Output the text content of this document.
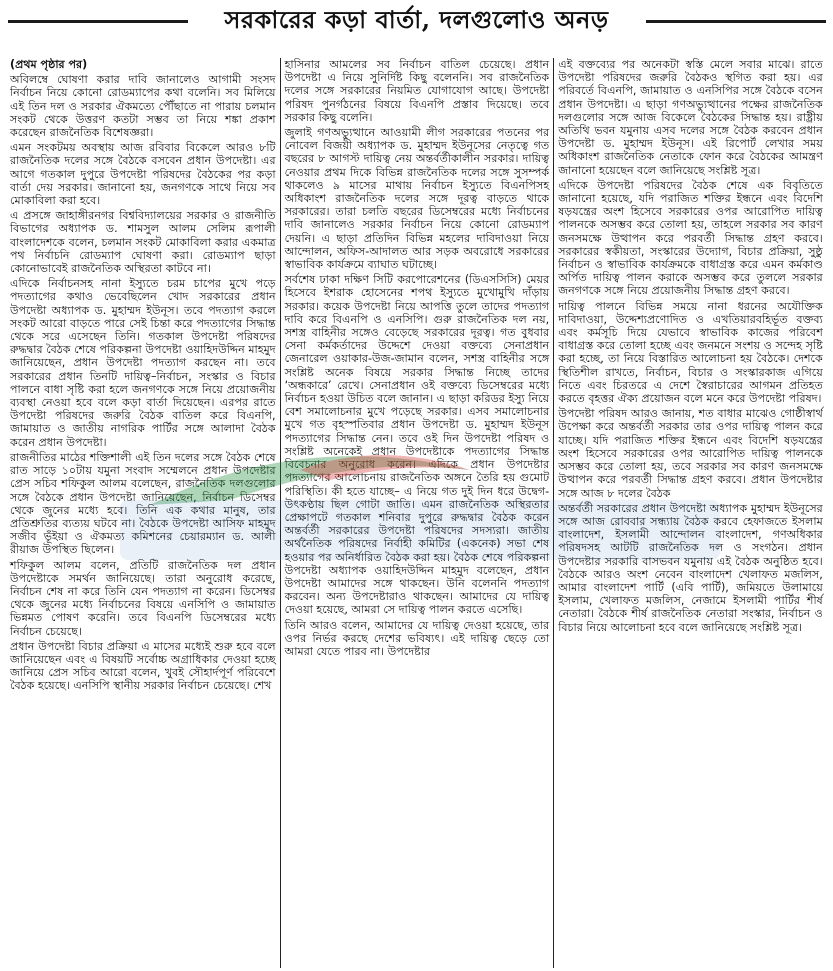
সরকারের কড়া বার্তা, দলগুলোও অনড়

(প্রথম পৃষ্ঠার পর)

অবিলম্বে ঘোষণা করার দাবি জানালেও আগামী সংসদ নির্বাচন নিয়ে কোনো রোডম্যাপের কথা বলেনি। সব মিলিয়ে এই তিন দল ও সরকার ঐকমত্যে পৌঁছাতে না পারায় চলমান সংকট থেকে উত্তরণ কতটা সম্ভব তা নিয়ে শঙ্কা প্রকাশ করেছেন রাজনৈতিক বিশেষজ্ঞরা।

এমন সংকটময় অবস্থায় আজ রবিবার বিকেলে আরও ৮টি রাজনৈতিক দলের সঙ্গে বৈঠকে বসবেন প্রধান উপদেষ্টা। এর আগে গতকাল দুপুরে উপদেষ্টা পরিষদের বৈঠকের পর কড়া বার্তা দেয় সরকার। জানানো হয়, জনগণকে সাথে নিয়ে সব মোকাবিলা করা হবে।

এ প্রসঙ্গে জাহাঙ্গীরনগর বিশ্ববিদ্যালয়ের সরকার ও রাজনীতি বিভাগের অধ্যাপক ড. শামসুল আলম সেলিম রূপালী বাংলাদেশকে বলেন, চলমান সংকট মোকাবিলা করার একমাত্র পথ নির্বাচনি রোডম্যাপ ঘোষণা করা। রোডম্যাপ ছাড়া কোনোভাবেই রাজনৈতিক অস্থিরতা কাটবে না।

এদিকে নির্বাচনসহ নানা ইস্যুতে চরম চাপের মুখে পড়ে পদত্যাগের কথাও ভেবেছিলেন খোদ সরকারের প্রধান উপদেষ্টা অধ্যাপক ড. মুহাম্মদ ইউনূস। তবে পদত্যাগ করলে সংকট আরো বাড়তে পারে সেই চিন্তা করে পদত্যাগের সিদ্ধান্ত থেকে সরে এসেছেন তিনি। গতকাল উপদেষ্টা পরিষদের রুদ্ধদ্বার বৈঠক শেষে পরিকল্পনা উপদেষ্টা ওয়াহিদউদ্দিন মাহমুদ জানিয়েছেন, প্রধান উপদেষ্টা পদত্যাগ করছেন না। তবে সরকারের প্রধান তিনটি দায়িত্ব–নির্বাচন, সংস্কার ও বিচার পালনে বাধা সৃষ্টি করা হলে জনগণকে সঙ্গে নিয়ে প্রয়োজনীয় ব্যবস্থা নেওয়া হবে বলে কড়া বার্তা দিয়েছেন। এরপর রাতে উপদেষ্টা পরিষদের জরুরি বৈঠক বাতিল করে বিএনপি, জামায়াত ও জাতীয় নাগরিক পার্টির সঙ্গে আলাদা বৈঠক করেন প্রধান উপদেষ্টা।

রাজনীতির মাঠের শক্তিশালী এই তিন দলের সঙ্গে বৈঠক শেষে রাত সাড়ে ১০টায় যমুনা সংবাদ সম্মেলনে প্রধান উপদেষ্টার প্রেস সচিব শফিকুল আলম বলেছেন, রাজনৈতিক দলগুলোর সঙ্গে বৈঠকে প্রধান উপদেষ্টা জানিয়েছেন, নির্বাচন ডিসেম্বর থেকে জুনের মধ্যে হবে। তিনি এক কথার মানুষ, তার প্রতিশ্রুতির ব্যত্যয় ঘটবে না। বৈঠকে উপদেষ্টা আসিফ মাহমুদ সজীব ভূঁইয়া ও ঐকমত্য কমিশনের চেয়ারম্যান ড. আলী রীয়াজ উপস্থিত ছিলেন।

শফিকুল আলম বলেন, প্রতিটি রাজনৈতিক দল প্রধান উপদেষ্টাকে সমর্থন জানিয়েছে। তারা অনুরোধ করেছে, নির্বাচন শেষ না করে তিনি যেন পদত্যাগ না করেন। ডিসেম্বর থেকে জুনের মধ্যে নির্বাচনের বিষয়ে এনসিপি ও জামায়াত ভিন্নমত পোষণ করেনি। তবে বিএনপি ডিসেম্বরের মধ্যে নির্বাচন চেয়েছে।

প্রধান উপদেষ্টা বিচার প্রক্রিয়া এ মাসের মধ্যেই শুরু হবে বলে জানিয়েছেন এবং এ বিষয়টি সর্বোচ্চ অগ্রাধিকার দেওয়া হচ্ছে জানিয়ে প্রেস সচিব আরো বলেন, খুবই সৌহার্দপূর্ণ পরিবেশে বৈঠক হয়েছে। এনসিপি স্থানীয় সরকার নির্বাচন চেয়েছে। শেখ

হাসিনার আমলের সব নির্বাচন বাতিল চেয়েছে। প্রধান উপদেষ্টা এ নিয়ে সুনির্দিষ্ট কিছু বলেননি। সব রাজনৈতিক দলের সঙ্গে সরকারের নিয়মিত যোগাযোগ আছে। উপদেষ্টা পরিষদ পুনর্গঠনের বিষয়ে বিএনপি প্রস্তাব দিয়েছে। তবে সরকার কিছু বলেনি।

জুলাই গণঅভ্যুত্থানে আওয়ামী লীগ সরকারের পতনের পর নোবেল বিজয়ী অধ্যাপক ড. মুহাম্মদ ইউনূসের নেতৃত্বে গত বছরের ৮ আগস্ট দায়িত্ব নেয় অন্তর্বর্তীকালীন সরকার। দায়িত্ব নেওয়ার প্রথম দিকে বিভিন্ন রাজনৈতিক দলের সঙ্গে সুসম্পর্ক থাকলেও ৯ মাসের মাথায় নির্বাচন ইস্যুতে বিএনপিসহ অধিকাংশ রাজনৈতিক দলের সঙ্গে দূরত্ব বাড়তে থাকে সরকারের। তারা চলতি বছরের ডিসেম্বরের মধ্যে নির্বাচনের দাবি জানালেও সরকার নির্বাচন নিয়ে কোনো রোডম্যাপ দেয়নি। এ ছাড়া প্রতিদিন বিভিন্ন মহলের দাবিদাওয়া নিয়ে আন্দোলন, অফিস-আদালত আর সড়ক অবরোধে সরকারের স্বাভাবিক কার্যক্রমে ব্যাঘাত ঘটাচ্ছে।

সর্বশেষ ঢাকা দক্ষিণ সিটি করপোরেশনের (ডিএসসিসি) মেয়র হিসেবে ইশরাক হোসেনের শপথ ইস্যুতে মুখোমুখি দাঁড়ায় সরকার। কয়েক উপদেষ্টা নিয়ে আপত্তি তুলে তাদের পদত্যাগ দাবি করে বিএনপি ও এনসিপি। গুরু রাজনৈতিক দল নয়, সশস্ত্র বাহিনীর সঙ্গেও বেড়েছে সরকারের দূরত্ব। গত বুধবার সেনা কর্মকর্তাদের উদ্দেশে দেওয়া বক্তব্যে সেনাপ্রধান জেনারেল ওয়াকার-উজ-জামান বলেন, সশস্ত্র বাহিনীর সঙ্গে সংশ্লিষ্ট অনেক বিষয়ে সরকার সিদ্ধান্ত নিচ্ছে তাদের ‘অন্ধকারে’ রেখে। সেনাপ্রধান ওই বক্তব্যে ডিসেম্বরের মধ্যে নির্বাচন হওয়া উচিত বলে জানান। এ ছাড়া করিডর ইস্যু নিয়ে বেশ সমালোচনার মুখে পড়েছে সরকার। এসব সমালোচনার মুখে গত বৃহস্পতিবার প্রধান উপদেষ্টা ড. মুহাম্মদ ইউনূস পদত্যাগের সিদ্ধান্ত নেন। তবে ওই দিন উপদেষ্টা পরিষদ ও সংশ্লিষ্ট অনেকেই প্রধান উপদেষ্টাকে পদত্যাগের সিদ্ধান্ত বিবেচনার অনুরোধ করেন। এদিকে প্রধান উপদেষ্টার পদত্যাগের আলোচনায় রাজনৈতিক অঙ্গনে তৈরি হয় গুমোট পরিস্থিতি। কী হতে যাচ্ছে– এ নিয়ে গত দুই দিন ধরে উদ্বেগ-উৎকণ্ঠায় ছিল গোটা জাতি। এমন রাজনৈতিক অস্থিরতার প্রেক্ষাপটে গতকাল শনিবার দুপুরে রুদ্ধদ্বার বৈঠক করেন অন্তর্বর্তী সরকারের উপদেষ্টা পরিষদের সদস্যরা। জাতীয় অর্থনৈতিক পরিষদের নির্বাহী কমিটির (একনেক) সভা শেষ হওয়ার পর অনির্ধারিত বৈঠক করা হয়। বৈঠক শেষে পরিকল্পনা উপদেষ্টা অধ্যাপক ওয়াহিদউদ্দিন মাহমুদ বলেছেন, প্রধান উপদেষ্টা আমাদের সঙ্গে থাকছেন। উনি বলেননি পদত্যাগ করবেন। অন্য উপদেষ্টারাও থাকছেন। আমাদের যে দায়িত্ব দেওয়া হয়েছে, আমরা সে দায়িত্ব পালন করতে এসেছি।

তিনি আরও বলেন, আমাদের যে দায়িত্ব দেওয়া হয়েছে, তার ওপর নির্ভর করছে দেশের ভবিষ্যৎ। এই দায়িত্ব ছেড়ে তো আমরা যেতে পারব না। উপদেষ্টার

এই বক্তব্যের পর অনেকটা স্বস্তি মেলে সবার মাঝে। রাতে উপদেষ্টা পরিষদের জরুরি বৈঠকও স্থগিত করা হয়। এর পরিবর্তে বিএনপি, জামায়াত ও এনসিপির সঙ্গে বৈঠকে বসেন প্রধান উপদেষ্টা। এ ছাড়া গণঅভ্যুত্থানের পক্ষের রাজনৈতিক দলগুলোর সঙ্গে আজ বিকেলে বৈঠকের সিদ্ধান্ত হয়। রাষ্ট্রীয় অতিথি ভবন যমুনায় এসব দলের সঙ্গে বৈঠক করবেন প্রধান উপদেষ্টা ড. মুহাম্মদ ইউনূস। এই রিপোর্ট লেখার সময় অধিকাংশ রাজনৈতিক নেতাকে ফোন করে বৈঠকের আমন্ত্রণ জানানো হয়েছেন বলে জানিয়েছে সংশ্লিষ্ট সূত্র।

এদিকে উপদেষ্টা পরিষদের বৈঠক শেষে এক বিবৃতিতে জানানো হয়েছে, যদি পরাজিত শক্তির ইন্ধনে এবং বিদেশি ষড়যন্ত্রের অংশ হিসেবে সরকারের ওপর আরোপিত দায়িত্ব পালনকে অসম্ভব করে তোলা হয়, তাহলে সরকার সব কারণ জনসমক্ষে উত্থাপন করে পরবর্তী সিদ্ধান্ত গ্রহণ করবে। সরকারের স্বকীয়তা, সংস্কারের উদ্যোগ, বিচার প্রক্রিয়া, সুষ্ঠু নির্বাচন ও স্বাভাবিক কার্যক্রমকে বাধাগ্রস্ত করে এমন কর্মকাণ্ড অর্পিত দায়িত্ব পালন করাকে অসম্ভব করে তুললে সরকার জনগণকে সঙ্গে নিয়ে প্রয়োজনীয় সিদ্ধান্ত গ্রহণ করবে।

দায়িত্ব পালনে বিভিন্ন সময়ে নানা ধরনের অযৌক্তিক দাবিদাওয়া, উদ্দেশ্যপ্রণোদিত ও এখতিয়ারবহির্ভূত বক্তব্য এবং কর্মসূচি দিয়ে যেভাবে স্বাভাবিক কাজের পরিবেশ বাধাগ্রস্ত করে তোলা হচ্ছে এবং জনমনে সংশয় ও সন্দেহ সৃষ্টি করা হচ্ছে, তা নিয়ে বিস্তারিত আলোচনা হয় বৈঠকে। দেশকে স্থিতিশীল রাখতে, নির্বাচন, বিচার ও সংস্কারকাজ এগিয়ে নিতে এবং চিরতরে এ দেশে স্বৈরাচারের আগমন প্রতিহত করতে বৃহত্তর ঐক্য প্রয়োজন বলে মনে করে উপদেষ্টা পরিষদ।

উপদেষ্টা পরিষদ আরও জানায়, শত বাধার মাঝেও গোষ্ঠীস্বার্থ উপেক্ষা করে অন্তর্বর্তী সরকার তার ওপর দায়িত্ব পালন করে যাচ্ছে। যদি পরাজিত শক্তির ইন্ধনে এবং বিদেশি ষড়যন্ত্রের অংশ হিসেবে সরকারের ওপর আরোপিত দায়িত্ব পালনকে অসম্ভব করে তোলা হয়, তবে সরকার সব কারণ জনসমক্ষে উত্থাপন করে পরবর্তী সিদ্ধান্ত গ্রহণ করবে। প্রধান উপদেষ্টার সঙ্গে আজ ৮ দলের বৈঠক

অন্তর্বর্তী সরকারের প্রধান উপদেষ্টা অধ্যাপক মুহাম্মদ ইউনূসের সঙ্গে আজ রোববার সন্ধ্যায় বৈঠক করবে হেফাজতে ইসলাম বাংলাদেশ, ইসলামী আন্দোলন বাংলাদেশ, গণঅধিকার পরিষদসহ আটটি রাজনৈতিক দল ও সংগঠন। প্রধান উপদেষ্টার সরকারি বাসভবন যমুনায় এই বৈঠক অনুষ্ঠিত হবে। বৈঠকে আরও অংশ নেবেন বাংলাদেশ খেলাফত মজলিস, আমার বাংলাদেশ পার্টি (এবি পার্টি), জমিয়তে উলামায়ে ইসলাম, খেলাফত মজলিস, নেজামে ইসলামী পার্টির শীর্ষ নেতারা। বৈঠকে শীর্ষ রাজনৈতিক নেতারা সংস্কার, নির্বাচন ও বিচার নিয়ে আলোচনা হবে বলে জানিয়েছে সংশ্লিষ্ট সূত্র।
